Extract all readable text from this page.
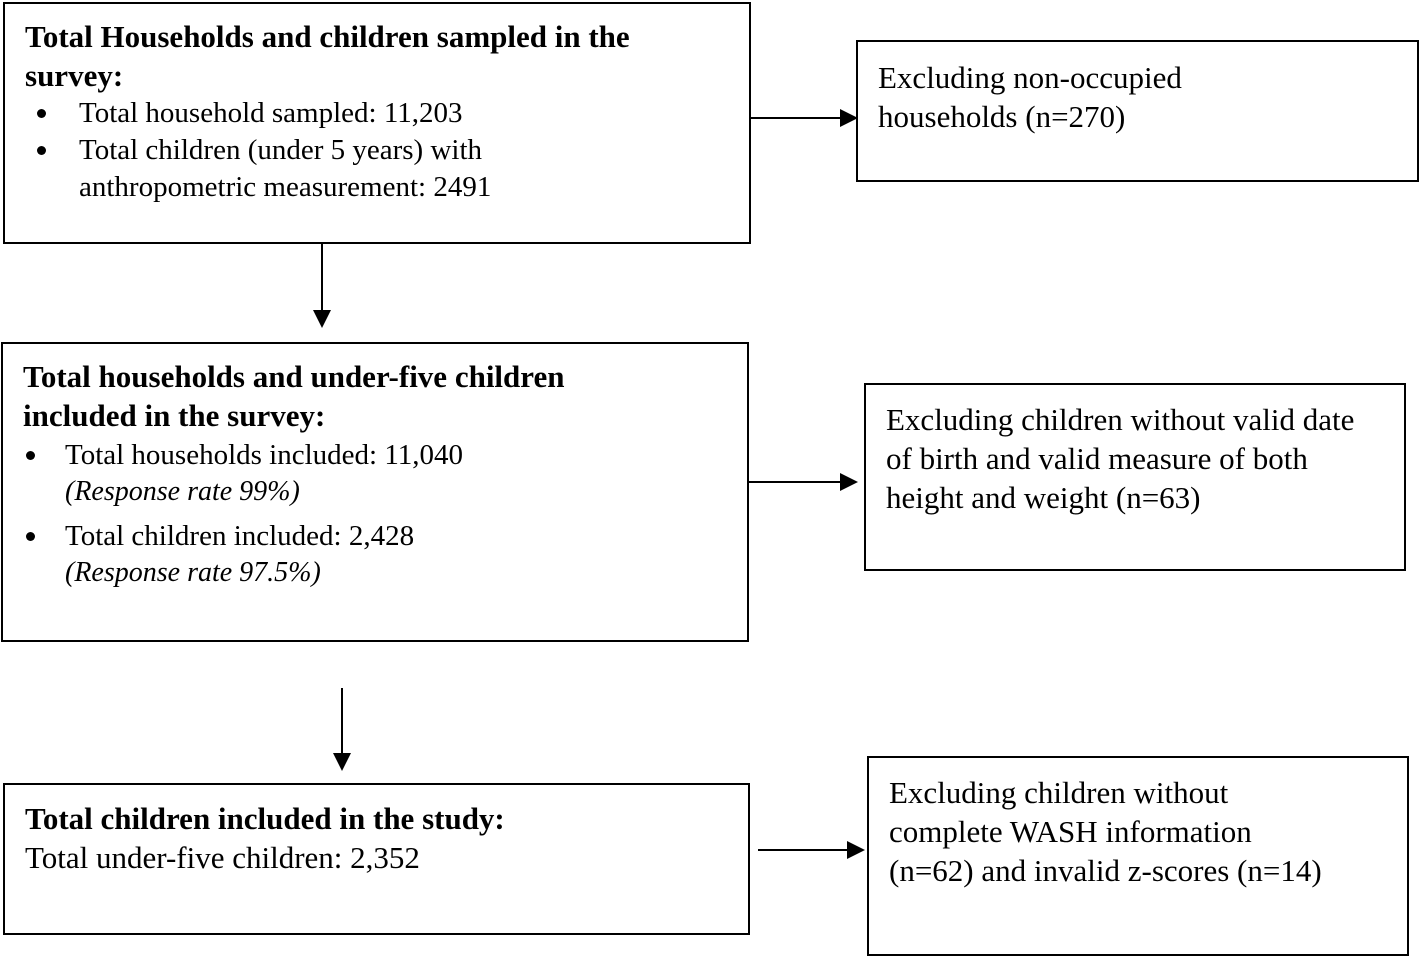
Total Households and children sampled in the survey:
Total household sampled: 11,203
Total children (under 5 years) with anthropometric measurement: 2491
Total households and under-five children included in the survey:
Total households included: 11,040
(Response rate 99%)
Total children included: 2,428
(Response rate 97.5%)
Total children included in the study:
Total under-five children: 2,352
Excluding non-occupied households (n=270)
Excluding children without valid date of birth and valid measure of both height and weight (n=63)
Excluding children without complete WASH information (n=62) and invalid z-scores (n=14)
